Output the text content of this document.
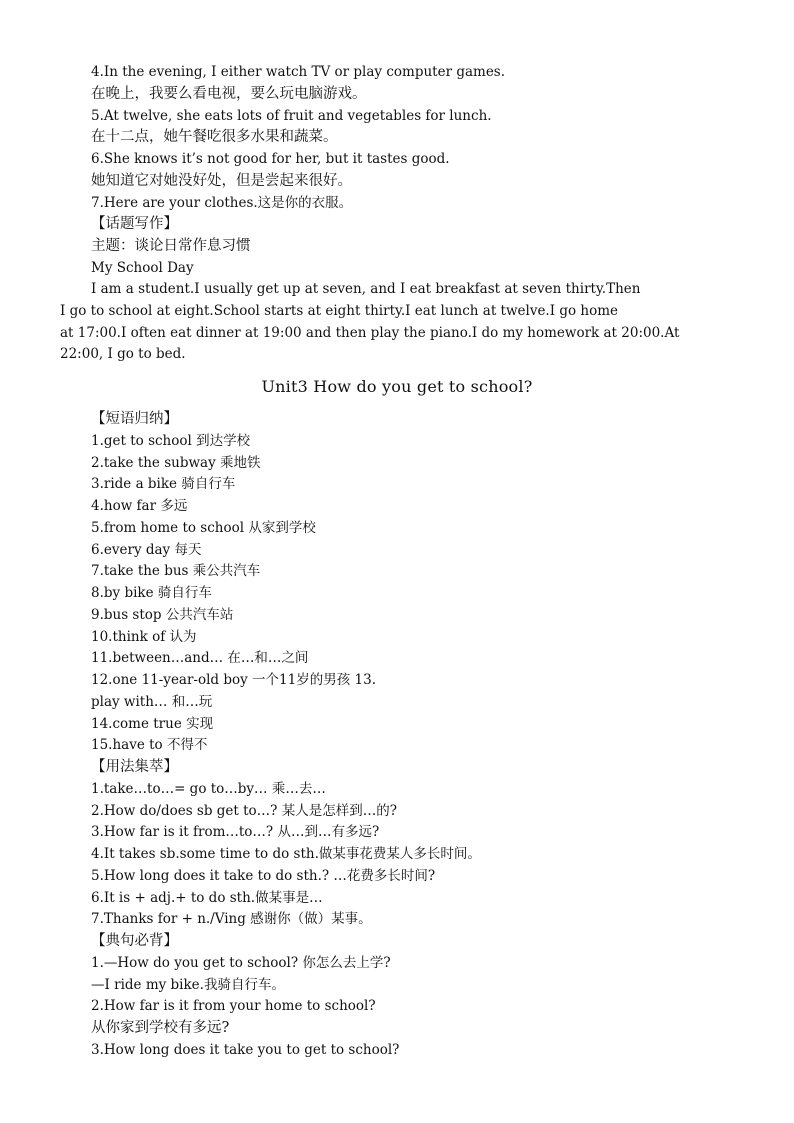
4.In the evening, I either watch TV or play computer games.
在晚上，我要么看电视，要么玩电脑游戏。
5.At twelve, she eats lots of fruit and vegetables for lunch.
在十二点，她午餐吃很多水果和蔬菜。
6.She knows it’s not good for her, but it tastes good.
她知道它对她没好处，但是尝起来很好。
7.Here are your clothes.这是你的衣服。
【话题写作】
主题：谈论日常作息习惯
My School Day
I am a student.I usually get up at seven, and I eat breakfast at seven thirty.Then
I go to school at eight.School starts at eight thirty.I eat lunch at twelve.I go home
at 17:00.I often eat dinner at 19:00 and then play the piano.I do my homework at 20:00.At
22:00, I go to bed.
Unit3 How do you get to school?
【短语归纳】
1.get to school 到达学校
2.take the subway 乘地铁
3.ride a bike 骑自行车
4.how far 多远
5.from home to school 从家到学校
6.every day 每天
7.take the bus 乘公共汽车
8.by bike 骑自行车
9.bus stop 公共汽车站
10.think of 认为
11.between…and… 在…和…之间
12.one 11-year-old boy 一个11岁的男孩 13.
play with… 和…玩
14.come true 实现
15.have to 不得不
【用法集萃】
1.take…to…= go to…by… 乘…去…
2.How do/does sb get to…? 某人是怎样到…的?
3.How far is it from…to…? 从…到…有多远?
4.It takes sb.some time to do sth.做某事花费某人多长时间。
5.How long does it take to do sth.? …花费多长时间?
6.It is + adj.+ to do sth.做某事是…
7.Thanks for + n./Ving 感谢你（做）某事。
【典句必背】
1.—How do you get to school? 你怎么去上学?
—I ride my bike.我骑自行车。
2.How far is it from your home to school?
从你家到学校有多远?
3.How long does it take you to get to school?
